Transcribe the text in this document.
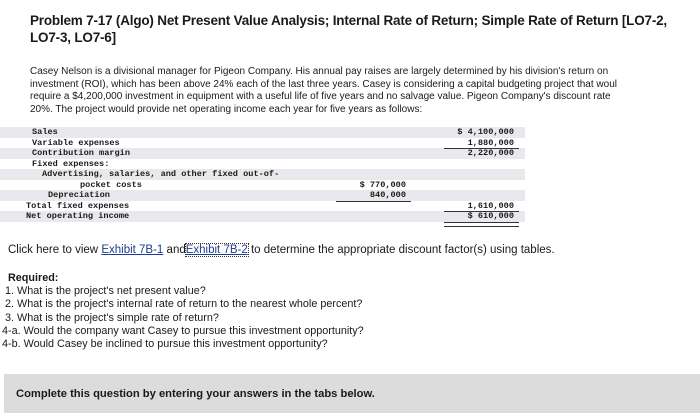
Problem 7-17 (Algo) Net Present Value Analysis; Internal Rate of Return; Simple Rate of Return [LO7-2, LO7-3, LO7-6]
Casey Nelson is a divisional manager for Pigeon Company. His annual pay raises are largely determined by his division's return on
investment (ROI), which has been above 24% each of the last three years. Casey is considering a capital budgeting project that woul
require a $4,200,000 investment in equipment with a useful life of five years and no salvage value. Pigeon Company's discount rate
20%. The project would provide net operating income each year for five years as follows:
Sales	$ 4,100,000
Variable expenses	1,880,000
Contribution margin	2,220,000
Fixed expenses:
Advertising, salaries, and other fixed out-of-
pocket costs	$ 770,000
Depreciation	840,000
Total fixed expenses	1,610,000
Net operating income	$ 610,000
Click here to view Exhibit 7B-1 andExhibit 7B-2 to determine the appropriate discount factor(s) using tables.
Required:
1. What is the project's net present value?
2. What is the project's internal rate of return to the nearest whole percent?
3. What is the project's simple rate of return?
4-a. Would the company want Casey to pursue this investment opportunity?
4-b. Would Casey be inclined to pursue this investment opportunity?
Complete this question by entering your answers in the tabs below.
